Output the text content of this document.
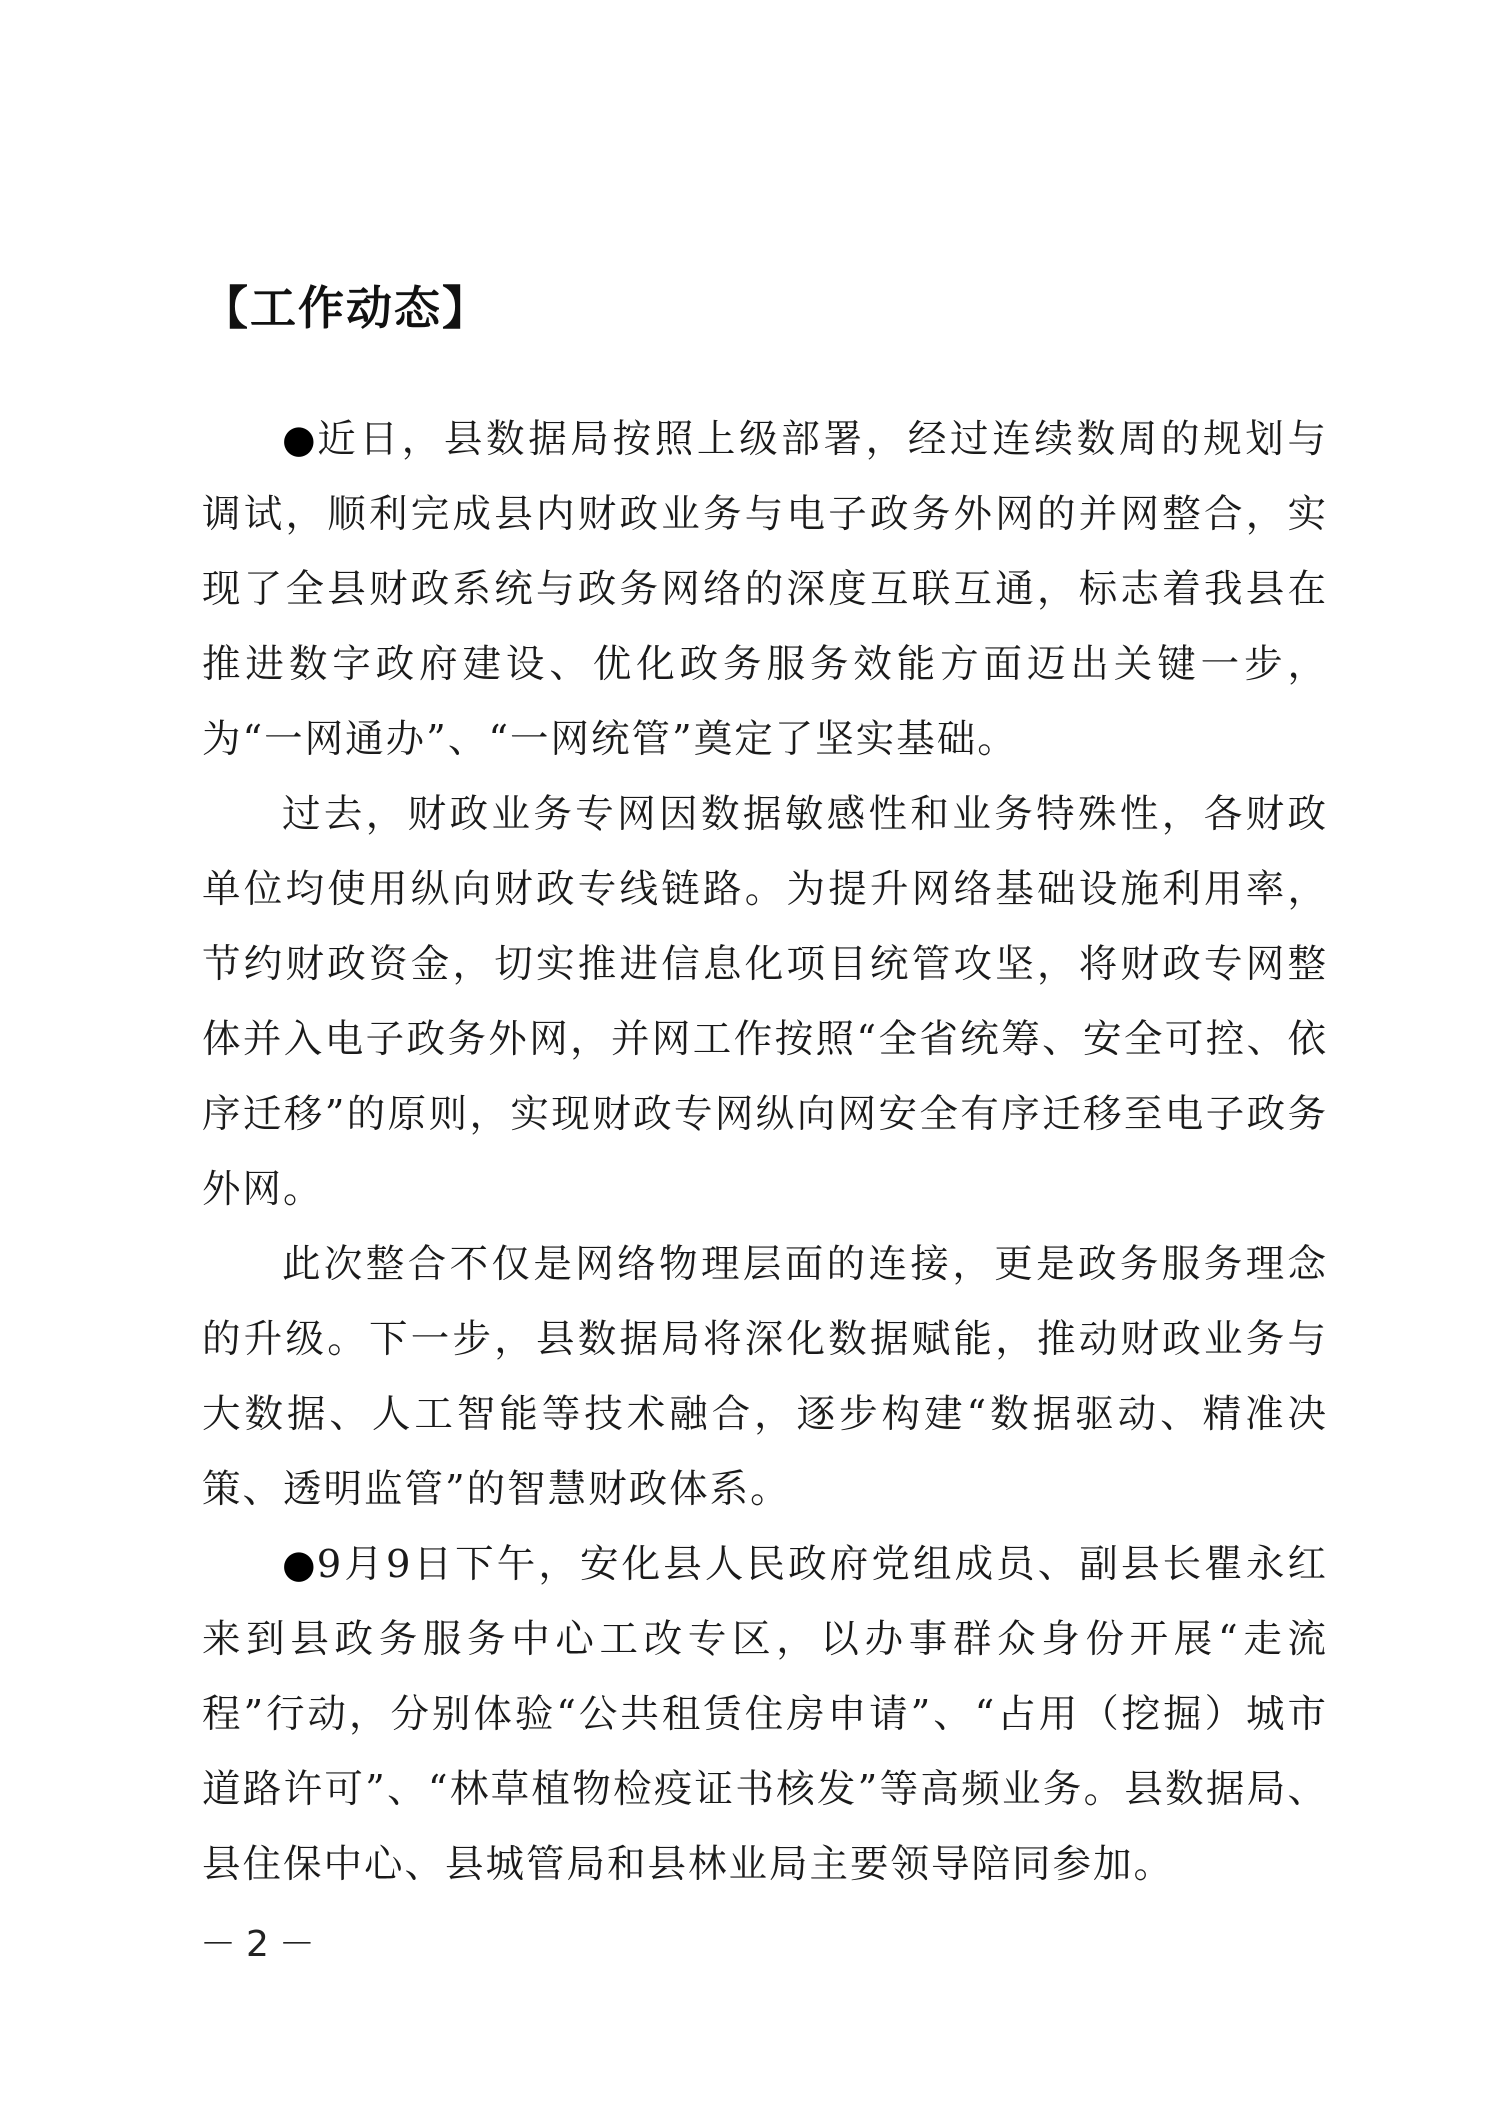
【工作动态】

●近日，县数据局按照上级部署，经过连续数周的规划与调试，顺利完成县内财政业务与电子政务外网的并网整合，实现了全县财政系统与政务网络的深度互联互通，标志着我县在推进数字政府建设、优化政务服务效能方面迈出关键一步，为“一网通办”、“一网统管”奠定了坚实基础。

过去，财政业务专网因数据敏感性和业务特殊性，各财政单位均使用纵向财政专线链路。为提升网络基础设施利用率，节约财政资金，切实推进信息化项目统管攻坚，将财政专网整体并入电子政务外网，并网工作按照“全省统筹、安全可控、依序迁移”的原则，实现财政专网纵向网安全有序迁移至电子政务外网。

此次整合不仅是网络物理层面的连接，更是政务服务理念的升级。下一步，县数据局将深化数据赋能，推动财政业务与大数据、人工智能等技术融合，逐步构建“数据驱动、精准决策、透明监管”的智慧财政体系。

●9月9日下午，安化县人民政府党组成员、副县长瞿永红来到县政务服务中心工改专区，以办事群众身份开展“走流程”行动，分别体验“公共租赁住房申请”、“占用（挖掘）城市道路许可”、“林草植物检疫证书核发”等高频业务。县数据局、县住保中心、县城管局和县林业局主要领导陪同参加。

－2－
